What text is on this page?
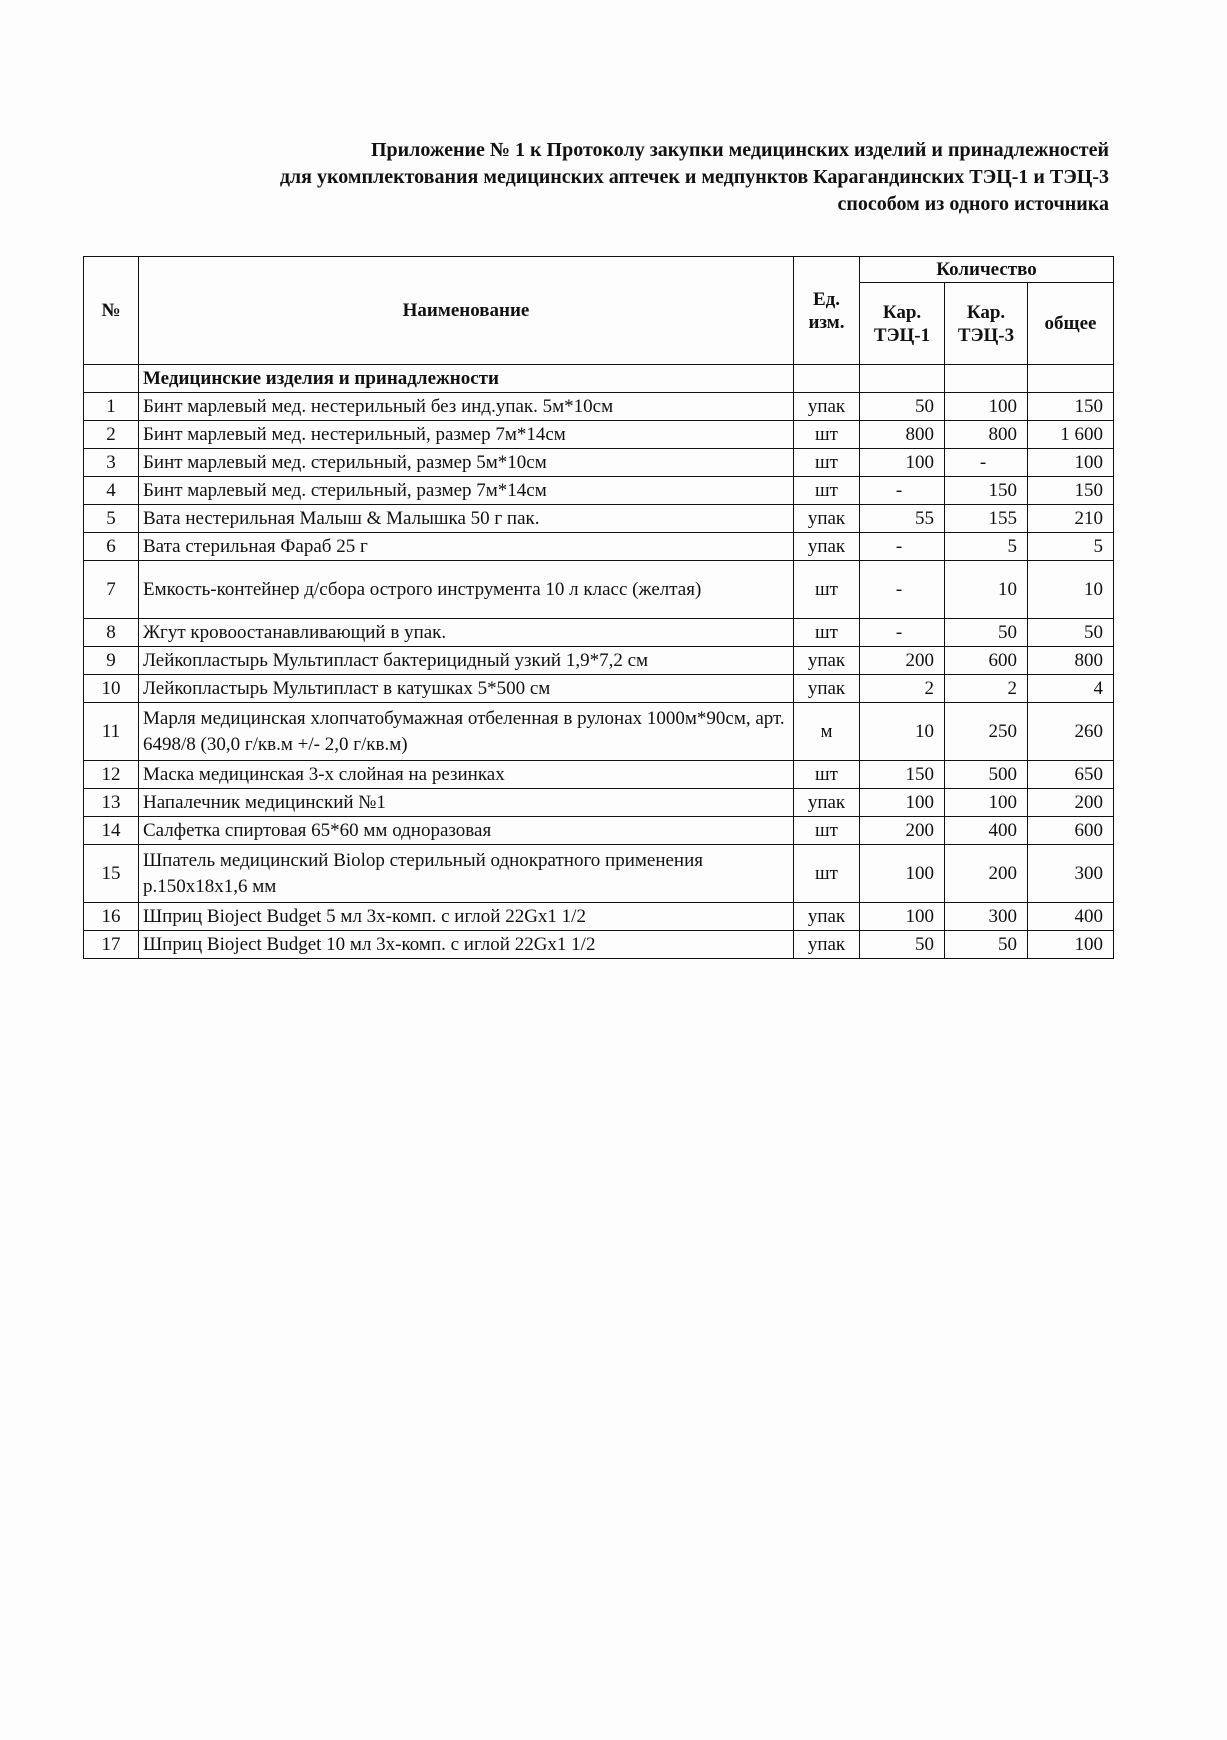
Приложение № 1 к Протоколу закупки медицинских изделий и принадлежностей
для укомплектования медицинских аптечек и медпунктов Карагандинских ТЭЦ-1 и ТЭЦ-3
способом из одного источника
№	Наименование	Ед. изм.	Количество		
			Кар. ТЭЦ-1	Кар. ТЭЦ-3	общее
	Медицинские изделия и принадлежности				
1	Бинт марлевый мед. нестерильный без инд.упак. 5м*10см	упак	50	100	150
2	Бинт марлевый мед. нестерильный, размер 7м*14см	шт	800	800	1 600
3	Бинт марлевый мед. стерильный, размер 5м*10см	шт	100	-	100
4	Бинт марлевый мед. стерильный, размер 7м*14см	шт	-	150	150
5	Вата нестерильная Малыш & Малышка 50 г пак.	упак	55	155	210
6	Вата стерильная Фараб 25 г	упак	-	5	5
7	Емкость-контейнер д/сбора острого инструмента 10 л класс (желтая)	шт	-	10	10
8	Жгут кровоостанавливающий в упак.	шт	-	50	50
9	Лейкопластырь Мультипласт бактерицидный узкий 1,9*7,2 см	упак	200	600	800
10	Лейкопластырь Мультипласт в катушках 5*500 см	упак	2	2	4
11	Марля медицинская хлопчатобумажная отбеленная в рулонах 1000м*90см, арт. 6498/8 (30,0 г/кв.м +/- 2,0 г/кв.м)	м	10	250	260
12	Маска медицинская 3-х слойная на резинках	шт	150	500	650
13	Напалечник медицинский №1	упак	100	100	200
14	Салфетка спиртовая 65*60 мм одноразовая	шт	200	400	600
15	Шпатель медицинский Biolop стерильный однократного применения р.150х18х1,6 мм	шт	100	200	300
16	Шприц Bioject Budget 5 мл 3х-комп. с иглой 22Gx1 1/2	упак	100	300	400
17	Шприц Bioject Budget 10 мл 3х-комп. с иглой 22Gx1 1/2	упак	50	50	100
